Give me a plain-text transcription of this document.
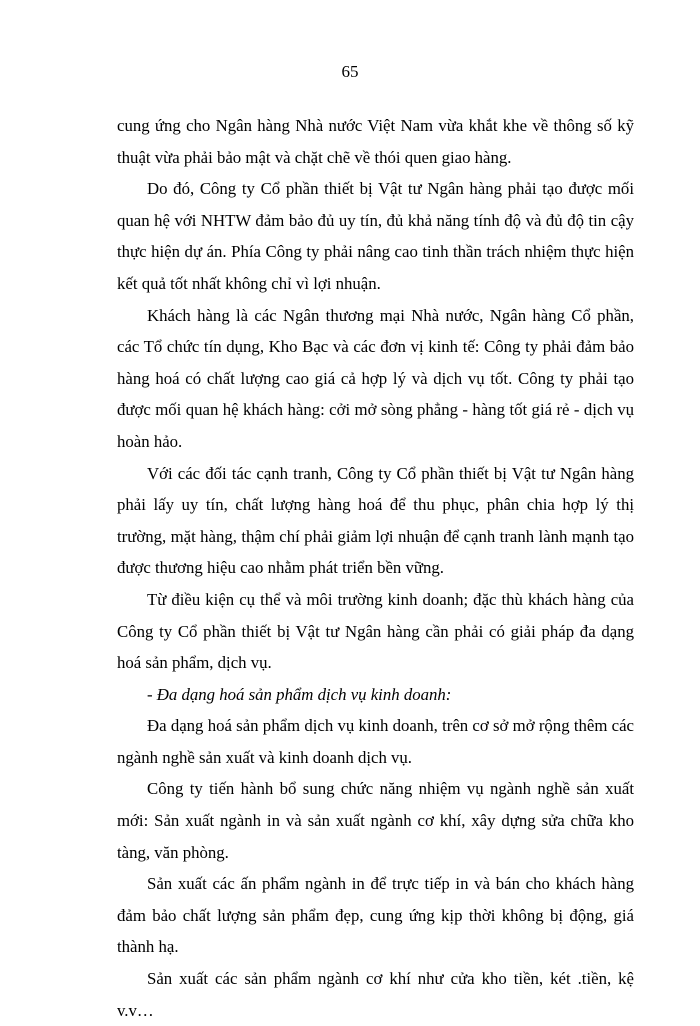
65

cung ứng cho Ngân hàng Nhà nước Việt Nam vừa khắt khe về thông số kỹ thuật vừa phải bảo mật và chặt chẽ về thói quen giao hàng.

Do đó, Công ty Cổ phần thiết bị Vật tư Ngân hàng phải tạo được mối quan hệ với NHTW đảm bảo đủ uy tín, đủ khả năng tính độ và đủ độ tin cậy thực hiện dự án. Phía Công ty phải nâng cao tinh thần trách nhiệm thực hiện kết quả tốt nhất không chỉ vì lợi nhuận.

Khách hàng là các Ngân thương mại Nhà nước, Ngân hàng Cổ phần, các Tổ chức tín dụng, Kho Bạc và các đơn vị kinh tế: Công ty phải đảm bảo hàng hoá có chất lượng cao giá cả hợp lý và dịch vụ tốt. Công ty phải tạo được mối quan hệ khách hàng: cởi mở sòng phẳng - hàng tốt giá rẻ - dịch vụ hoàn hảo.

Với các đối tác cạnh tranh, Công ty Cổ phần thiết bị Vật tư Ngân hàng phải lấy uy tín, chất lượng hàng hoá để thu phục, phân chia hợp lý thị trường, mặt hàng, thậm chí phải giảm lợi nhuận để cạnh tranh lành mạnh tạo được thương hiệu cao nhằm phát triển bền vững.

Từ điều kiện cụ thể và môi trường kinh doanh; đặc thù khách hàng của Công ty Cổ phần thiết bị Vật tư Ngân hàng cần phải có giải pháp đa dạng hoá sản phẩm, dịch vụ.

- Đa dạng hoá sản phẩm dịch vụ kinh doanh:

Đa dạng hoá sản phẩm dịch vụ kinh doanh, trên cơ sở mở rộng thêm các ngành nghề sản xuất và kinh doanh dịch vụ.

Công ty tiến hành bổ sung chức năng nhiệm vụ ngành nghề sản xuất mới: Sản xuất ngành in và sản xuất ngành cơ khí, xây dựng sửa chữa kho tàng, văn phòng.

Sản xuất các ấn phẩm ngành in để trực tiếp in và bán cho khách hàng đảm bảo chất lượng sản phẩm đẹp, cung ứng kịp thời không bị động, giá thành hạ.

Sản xuất các sản phẩm ngành cơ khí như cửa kho tiền, két .tiền, kệ v.v…
